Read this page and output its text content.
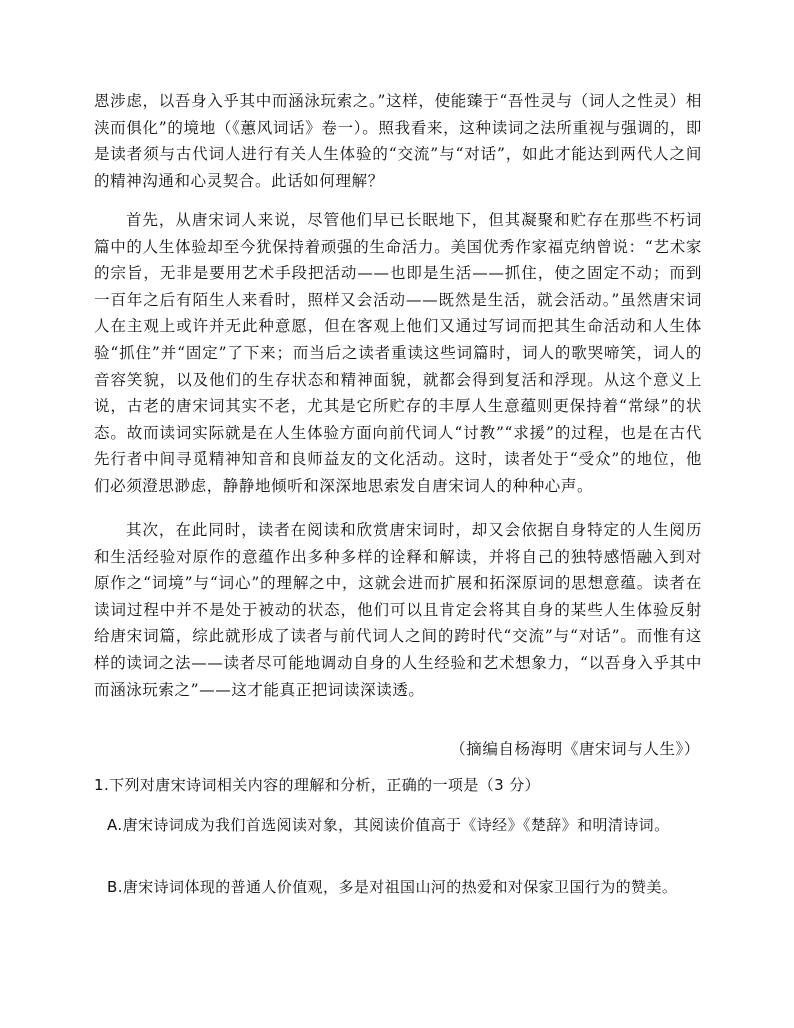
恩涉虑，以吾身入乎其中而涵泳玩索之。”这样，使能臻于“吾性灵与（词人之性灵）相浃而俱化”的境地（《蕙风词话》卷一）。照我看来，这种读词之法所重视与强调的，即是读者须与古代词人进行有关人生体验的“交流”与“对话”，如此才能达到两代人之间的精神沟通和心灵契合。此话如何理解？

首先，从唐宋词人来说，尽管他们早已长眠地下，但其凝聚和贮存在那些不朽词篇中的人生体验却至今犹保持着顽强的生命活力。美国优秀作家福克纳曾说：“艺术家的宗旨，无非是要用艺术手段把活动——也即是生活——抓住，使之固定不动；而到一百年之后有陌生人来看时，照样又会活动——既然是生活，就会活动。”虽然唐宋词人在主观上或许并无此种意愿，但在客观上他们又通过写词而把其生命活动和人生体验“抓住”并“固定”了下来；而当后之读者重读这些词篇时，词人的歌哭啼笑，词人的音容笑貌，以及他们的生存状态和精神面貌，就都会得到复活和浮现。从这个意义上说，古老的唐宋词其实不老，尤其是它所贮存的丰厚人生意蕴则更保持着“常绿”的状态。故而读词实际就是在人生体验方面向前代词人“讨教”“求援”的过程，也是在古代先行者中间寻觅精神知音和良师益友的文化活动。这时，读者处于“受众”的地位，他们必须澄思渺虑，静静地倾听和深深地思索发自唐宋词人的种种心声。

其次，在此同时，读者在阅读和欣赏唐宋词时，却又会依据自身特定的人生阅历和生活经验对原作的意蕴作出多种多样的诠释和解读，并将自己的独特感悟融入到对原作之“词境”与“词心”的理解之中，这就会进而扩展和拓深原词的思想意蕴。读者在读词过程中并不是处于被动的状态，他们可以且肯定会将其自身的某些人生体验反射给唐宋词篇，综此就形成了读者与前代词人之间的跨时代“交流”与“对话”。而惟有这样的读词之法——读者尽可能地调动自身的人生经验和艺术想象力，“以吾身入乎其中而涵泳玩索之”——这才能真正把词读深读透。

（摘编自杨海明《唐宋词与人生》）
1.下列对唐宋诗词相关内容的理解和分析，正确的一项是（3 分）
A.唐宋诗词成为我们首选阅读对象，其阅读价值高于《诗经》《楚辞》和明清诗词。
B.唐宋诗词体现的普通人价值观，多是对祖国山河的热爱和对保家卫国行为的赞美。
